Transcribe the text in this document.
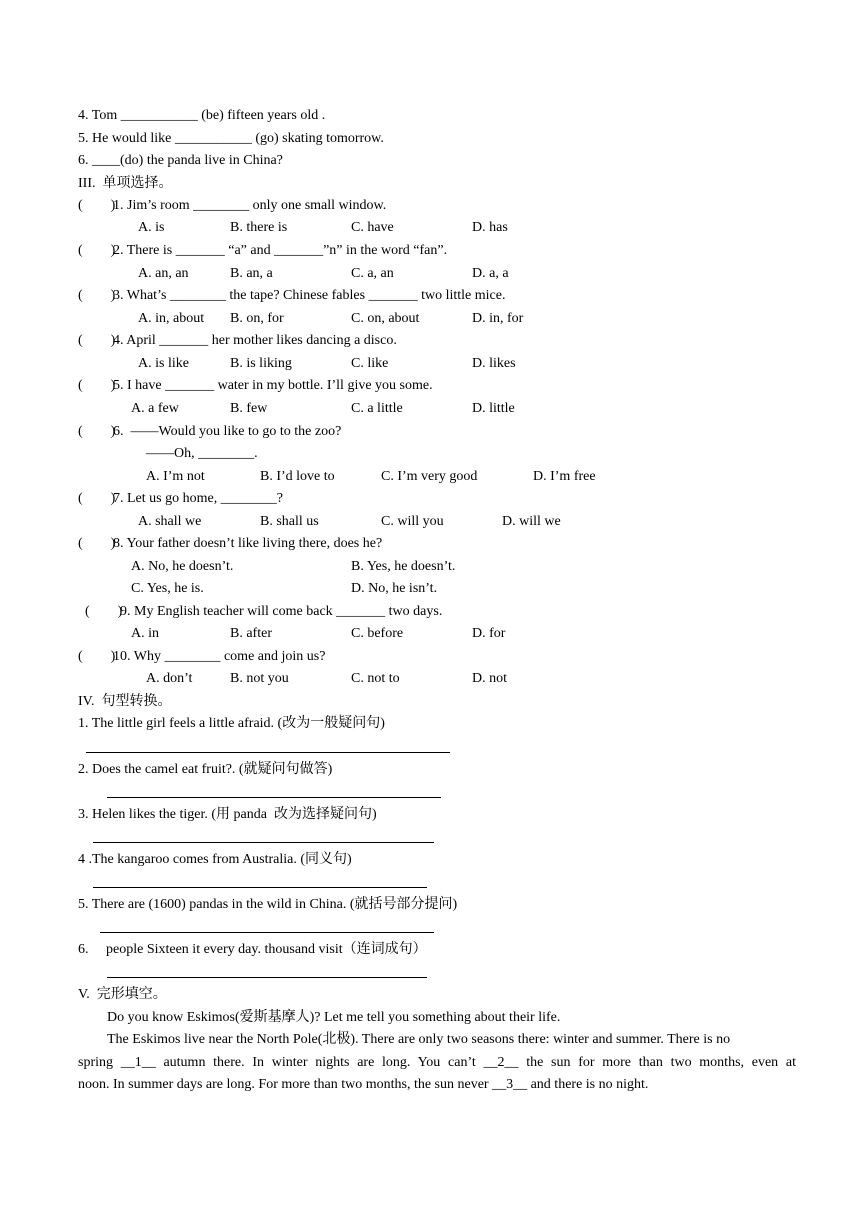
4. Tom ___________ (be) fifteen years old .
5. He would like ___________ (go) skating tomorrow.
6. ____(do) the panda live in China?
III.  单项选择。
(        )
1. Jim’s room ________ only one small window.
A. is	B. there is	C. have	D. has
(        )
2. There is _______ “a” and _______”n” in the word “fan”.
A. an, an	B. an, a	C. a, an	D. a, a
(        )
3. What’s ________ the tape? Chinese fables _______ two little mice.
A. in, about B. on, for	C. on, about	D. in, for
(        )
4. April _______ her mother likes dancing a disco.
A. is like	B. is liking	C. like	D. likes
(        )
5. I have _______ water in my bottle. I’ll give you some.
A. a few	B. few	C. a little	D. little
(        )
6.  ——Would you like to go to the zoo?
——Oh, ________.
A. I’m not	B. I’d love to	C. I’m very good	D. I’m free
(        )
7. Let us go home, ________?
A. shall we	B. shall us	C. will you	D. will we
(        )
8. Your father doesn’t like living there, does he?
A. No, he doesn’t.	B. Yes, he doesn’t.
C. Yes, he is.	D. No, he isn’t.
(        )
9. My English teacher will come back _______ two days.
A. in	B. after	C. before	D. for
(        )
10. Why ________ come and join us?
A. don’t	B. not you	C. not to	D. not
IV.  句型转换。
1. The little girl feels a little afraid. (改为一般疑问句)
2. Does the camel eat fruit?. (就疑问句做答)
3. Helen likes the tiger. (用 panda  改为选择疑问句)
4 .The kangaroo comes from Australia. (同义句)
5. There are (1600) pandas in the wild in China. (就括号部分提问)
6.     people Sixteen it every day. thousand visit（连词成句）
V.  完形填空。
Do you know Eskimos(爱斯基摩人)? Let me tell you something about their life.
The Eskimos live near the North Pole(北极). There are only two seasons there: winter and summer. There is no
spring __1__ autumn there. In winter nights are long. You can’t __2__ the sun for more than two months, even at
noon. In summer days are long. For more than two months, the sun never __3__ and there is no night.
